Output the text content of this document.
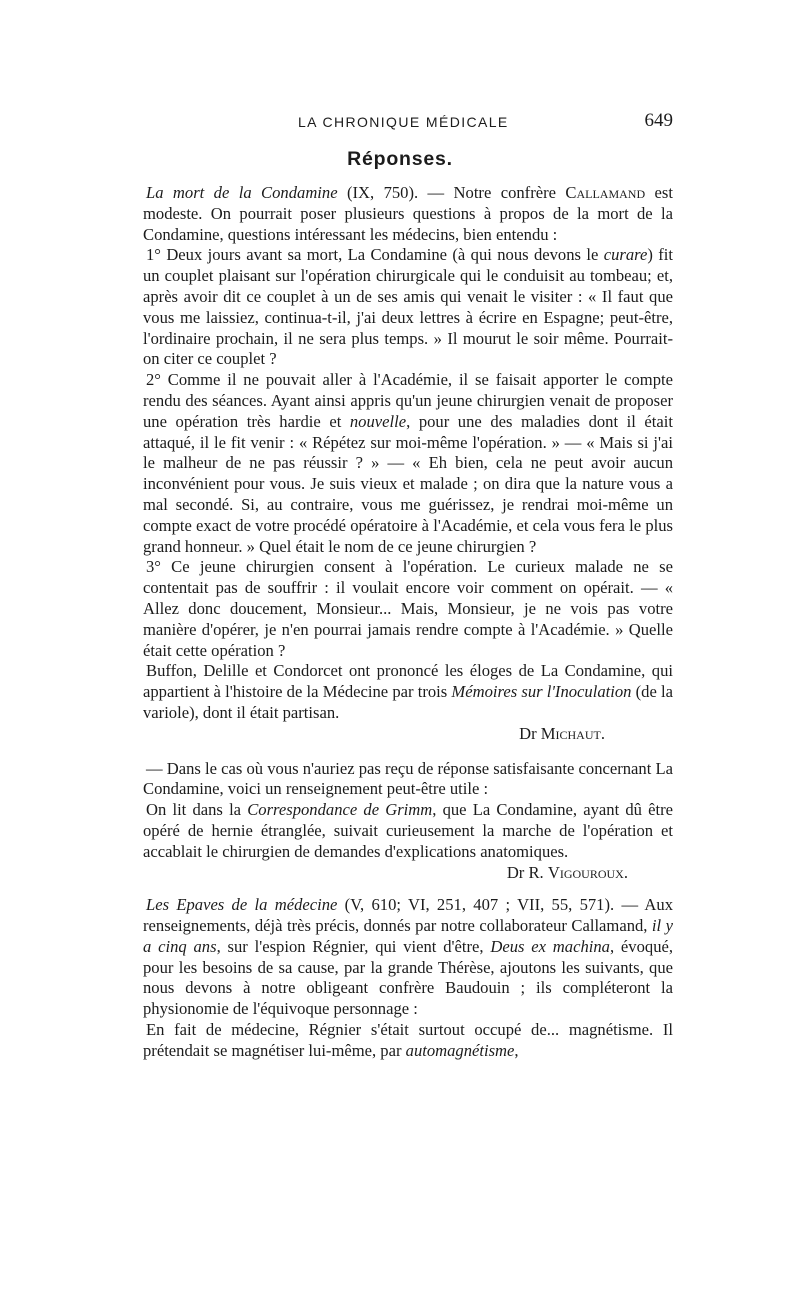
LA CHRONIQUE MÉDICALE	649
Réponses.

La mort de la Condamine (IX, 750). — Notre confrère Callamand est modeste. On pourrait poser plusieurs questions à propos de la mort de la Condamine, questions intéressant les médecins, bien entendu :

1° Deux jours avant sa mort, La Condamine (à qui nous devons le curare) fit un couplet plaisant sur l'opération chirurgicale qui le conduisit au tombeau; et, après avoir dit ce couplet à un de ses amis qui venait le visiter : « Il faut que vous me laissiez, continua-t-il, j'ai deux lettres à écrire en Espagne; peut-être, l'ordinaire prochain, il ne sera plus temps. » Il mourut le soir même. Pourrait-on citer ce couplet ?

2° Comme il ne pouvait aller à l'Académie, il se faisait apporter le compte rendu des séances. Ayant ainsi appris qu'un jeune chirurgien venait de proposer une opération très hardie et nouvelle, pour une des maladies dont il était attaqué, il le fit venir : « Répétez sur moi-même l'opération. » — « Mais si j'ai le malheur de ne pas réussir ? » — « Eh bien, cela ne peut avoir aucun inconvénient pour vous. Je suis vieux et malade ; on dira que la nature vous a mal secondé. Si, au contraire, vous me guérissez, je rendrai moi-même un compte exact de votre procédé opératoire à l'Académie, et cela vous fera le plus grand honneur. » Quel était le nom de ce jeune chirurgien ?

3° Ce jeune chirurgien consent à l'opération. Le curieux malade ne se contentait pas de souffrir : il voulait encore voir comment on opérait. — « Allez donc doucement, Monsieur... Mais, Monsieur, je ne vois pas votre manière d'opérer, je n'en pourrai jamais rendre compte à l'Académie. » Quelle était cette opération ?

Buffon, Delille et Condorcet ont prononcé les éloges de La Condamine, qui appartient à l'histoire de la Médecine par trois Mémoires sur l'Inoculation (de la variole), dont il était partisan.

Dr Michaut.

— Dans le cas où vous n'auriez pas reçu de réponse satisfaisante concernant La Condamine, voici un renseignement peut-être utile :

On lit dans la Correspondance de Grimm, que La Condamine, ayant dû être opéré de hernie étranglée, suivait curieusement la marche de l'opération et accablait le chirurgien de demandes d'explications anatomiques.

Dr R. Vigouroux.

Les Epaves de la médecine (V, 610; VI, 251, 407 ; VII, 55, 571). — Aux renseignements, déjà très précis, donnés par notre collaborateur Callamand, il y a cinq ans, sur l'espion Régnier, qui vient d'être, Deus ex machina, évoqué, pour les besoins de sa cause, par la grande Thérèse, ajoutons les suivants, que nous devons à notre obligeant confrère Baudouin ; ils compléteront la physionomie de l'équivoque personnage :

En fait de médecine, Régnier s'était surtout occupé de... magnétisme. Il prétendait se magnétiser lui-même, par automagnétisme,
